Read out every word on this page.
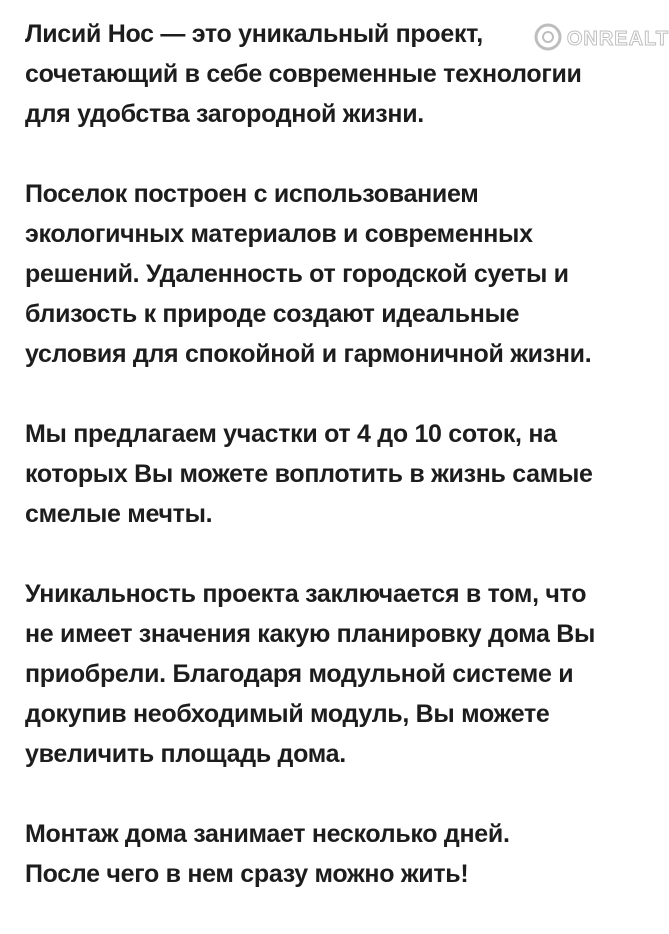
Лисий Нос — это уникальный проект,
сочетающий в себе современные технологии
для удобства загородной жизни.

Поселок построен с использованием
экологичных материалов и современных
решений. Удаленность от городской суеты и
близость к природе создают идеальные
условия для спокойной и гармоничной жизни.

Мы предлагаем участки от 4 до 10 соток, на
которых Вы можете воплотить в жизнь самые
смелые мечты.

Уникальность проекта заключается в том, что
не имеет значения какую планировку дома Вы
приобрели. Благодаря модульной системе и
докупив необходимый модуль, Вы можете
увеличить площадь дома.

Монтаж дома занимает несколько дней.
После чего в нем сразу можно жить!

ONREALT
